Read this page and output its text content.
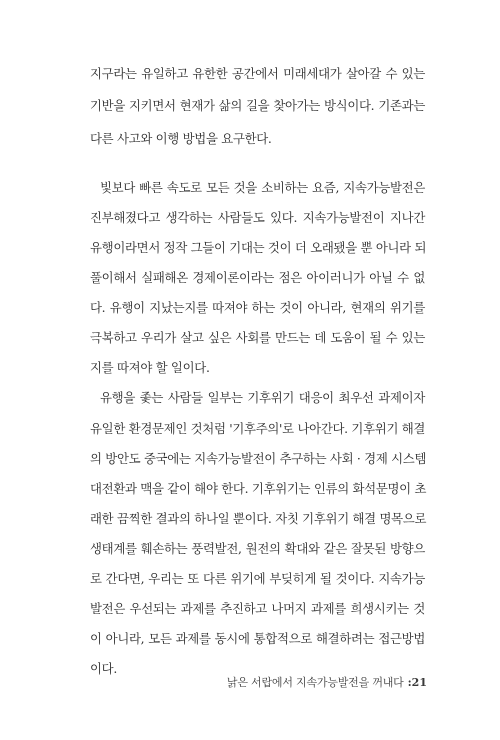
지구라는 유일하고 유한한 공간에서 미래세대가 살아갈 수 있는
기반을 지키면서 현재가 삶의 길을 찾아가는 방식이다. 기존과는
다른 사고와 이행 방법을 요구한다.
빛보다 빠른 속도로 모든 것을 소비하는 요즘, 지속가능발전은
진부해졌다고 생각하는 사람들도 있다. 지속가능발전이 지나간
유행이라면서 정작 그들이 기대는 것이 더 오래됐을 뿐 아니라 되
풀이해서 실패해온 경제이론이라는 점은 아이러니가 아닐 수 없
다. 유행이 지났는지를 따져야 하는 것이 아니라, 현재의 위기를
극복하고 우리가 살고 싶은 사회를 만드는 데 도움이 될 수 있는
지를 따져야 할 일이다.
유행을 좇는 사람들 일부는 기후위기 대응이 최우선 과제이자
유일한 환경문제인 것처럼 '기후주의'로 나아간다. 기후위기 해결
의 방안도 중국에는 지속가능발전이 추구하는 사회 · 경제 시스템
대전환과 맥을 같이 해야 한다. 기후위기는 인류의 화석문명이 초
래한 끔찍한 결과의 하나일 뿐이다. 자칫 기후위기 해결 명목으로
생태계를 훼손하는 풍력발전, 원전의 확대와 같은 잘못된 방향으
로 간다면, 우리는 또 다른 위기에 부딪히게 될 것이다. 지속가능
발전은 우선되는 과제를 추진하고 나머지 과제를 희생시키는 것
이 아니라, 모든 과제를 동시에 통합적으로 해결하려는 접근방법
이다.
낡은 서랍에서 지속가능발전을 꺼내다 :21
